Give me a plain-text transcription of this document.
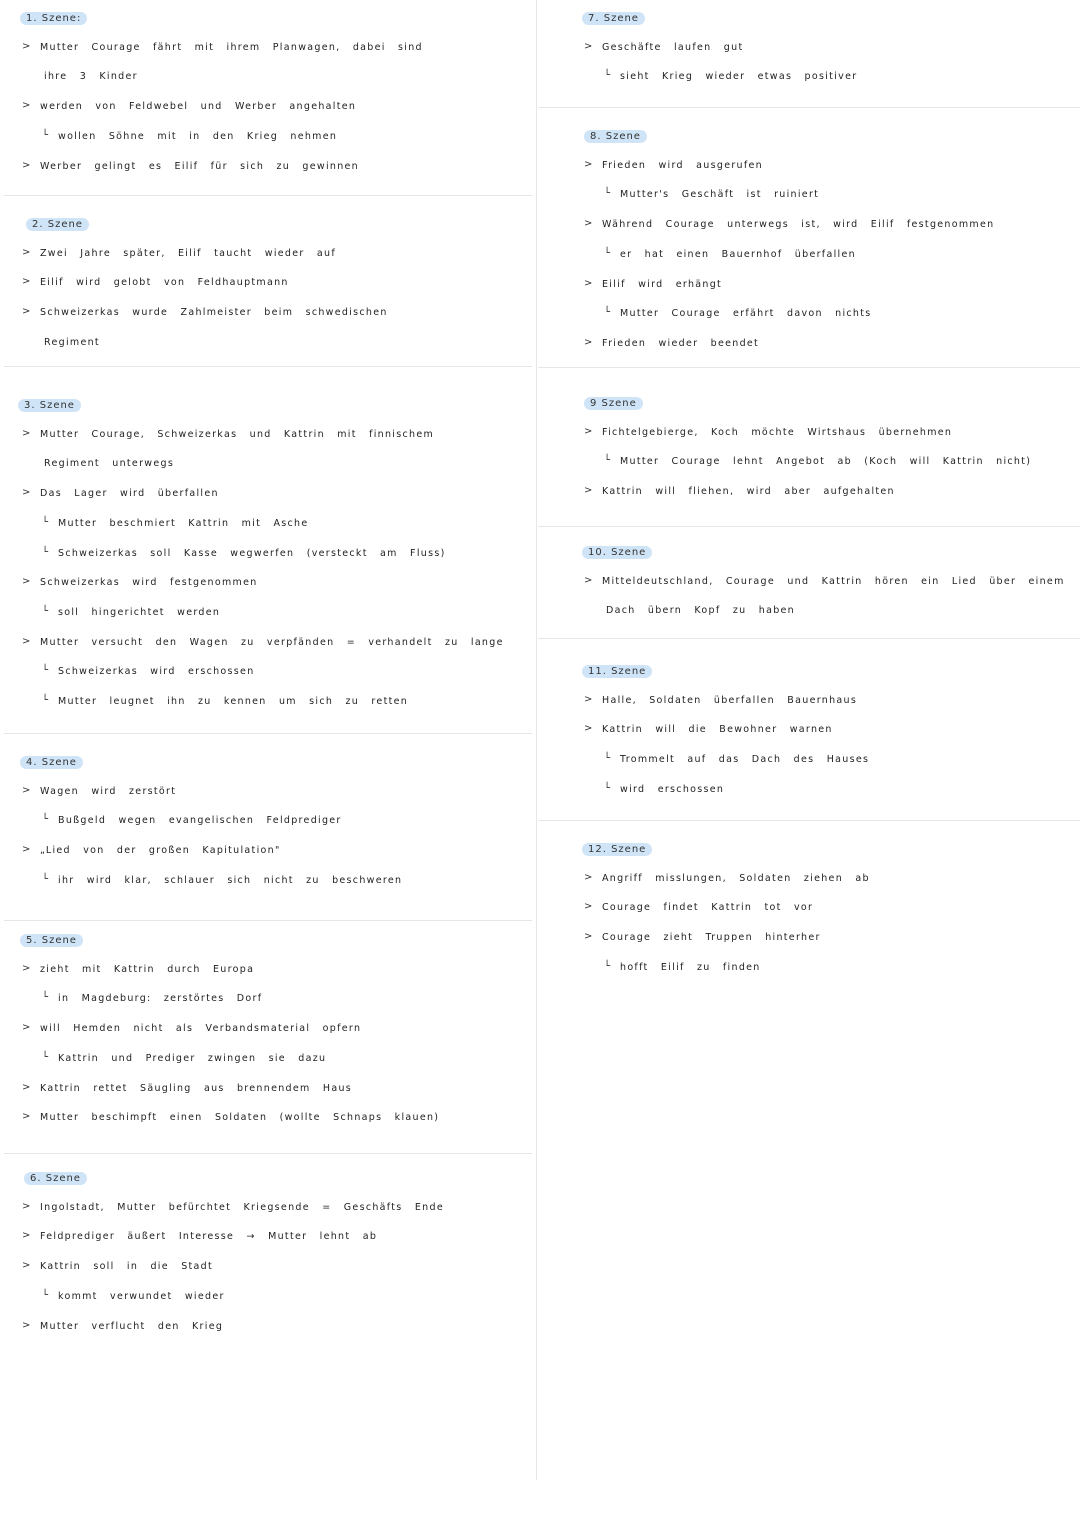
1. Szene:
> Mutter Courage fährt mit ihrem Planwagen, dabei sind
ihre 3 Kinder
> werden von Feldwebel und Werber angehalten
└ wollen Söhne mit in den Krieg nehmen
> Werber gelingt es Eilif für sich zu gewinnen
2. Szene
> Zwei Jahre später, Eilif taucht wieder auf
> Eilif wird gelobt von Feldhauptmann
> Schweizerkas wurde Zahlmeister beim schwedischen
Regiment
3. Szene
> Mutter Courage, Schweizerkas und Kattrin mit finnischem
Regiment unterwegs
> Das Lager wird überfallen
└ Mutter beschmiert Kattrin mit Asche
└ Schweizerkas soll Kasse wegwerfen (versteckt am Fluss)
> Schweizerkas wird festgenommen
└ soll hingerichtet werden
> Mutter versucht den Wagen zu verpfänden = verhandelt zu lange
└ Schweizerkas wird erschossen
└ Mutter leugnet ihn zu kennen um sich zu retten
4. Szene
> Wagen wird zerstört
└ Bußgeld wegen evangelischen Feldprediger
> „Lied von der großen Kapitulation"
└ ihr wird klar, schlauer sich nicht zu beschweren
5. Szene
> zieht mit Kattrin durch Europa
└ in Magdeburg: zerstörtes Dorf
> will Hemden nicht als Verbandsmaterial opfern
└ Kattrin und Prediger zwingen sie dazu
> Kattrin rettet Säugling aus brennendem Haus
> Mutter beschimpft einen Soldaten (wollte Schnaps klauen)
6. Szene
> Ingolstadt, Mutter befürchtet Kriegsende = Geschäfts Ende
> Feldprediger äußert Interesse → Mutter lehnt ab
> Kattrin soll in die Stadt
└ kommt verwundet wieder
> Mutter verflucht den Krieg
7. Szene
> Geschäfte laufen gut
└ sieht Krieg wieder etwas positiver
8. Szene
> Frieden wird ausgerufen
└ Mutter's Geschäft ist ruiniert
> Während Courage unterwegs ist, wird Eilif festgenommen
└ er hat einen Bauernhof überfallen
> Eilif wird erhängt
└ Mutter Courage erfährt davon nichts
> Frieden wieder beendet
9 Szene
> Fichtelgebierge, Koch möchte Wirtshaus übernehmen
└ Mutter Courage lehnt Angebot ab (Koch will Kattrin nicht)
> Kattrin will fliehen, wird aber aufgehalten
10. Szene
> Mitteldeutschland, Courage und Kattrin hören ein Lied über einem
Dach übern Kopf zu haben
11. Szene
> Halle, Soldaten überfallen Bauernhaus
> Kattrin will die Bewohner warnen
└ Trommelt auf das Dach des Hauses
└ wird erschossen
12. Szene
> Angriff misslungen, Soldaten ziehen ab
> Courage findet Kattrin tot vor
> Courage zieht Truppen hinterher
└ hofft Eilif zu finden
